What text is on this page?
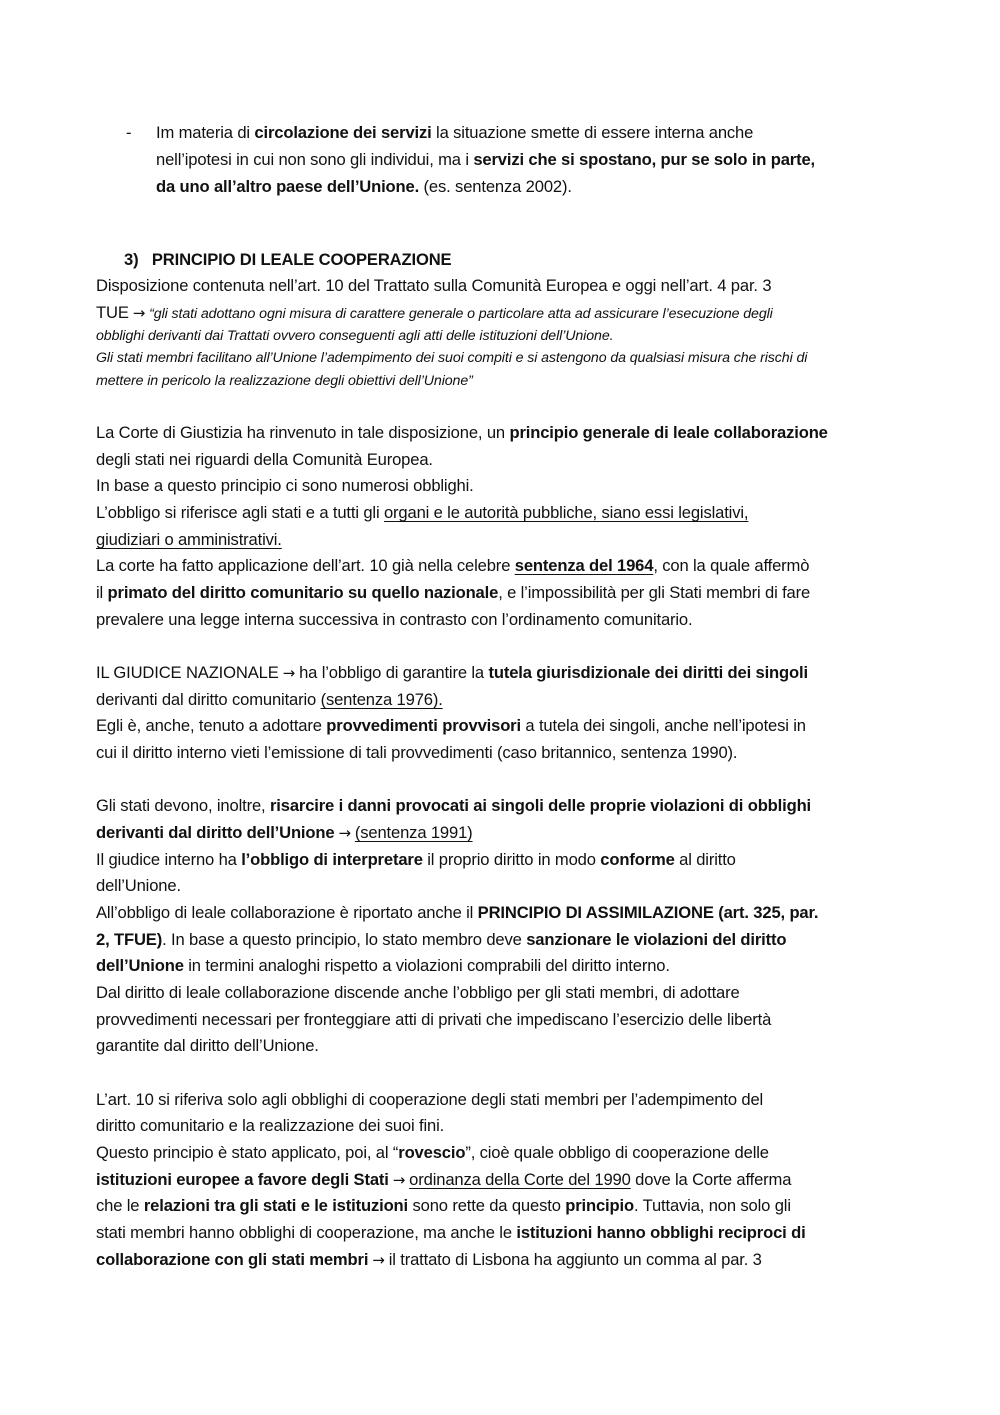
- Im materia di circolazione dei servizi la situazione smette di essere interna anche
nell’ipotesi in cui non sono gli individui, ma i servizi che si spostano, pur se solo in parte,
da uno all’altro paese dell’Unione. (es. sentenza 2002).
3) PRINCIPIO DI LEALE COOPERAZIONE
Disposizione contenuta nell’art. 10 del Trattato sulla Comunità Europea e oggi nell’art. 4 par. 3
TUE → “gli stati adottano ogni misura di carattere generale o particolare atta ad assicurare l’esecuzione degli
obblighi derivanti dai Trattati ovvero conseguenti agli atti delle istituzioni dell’Unione.
Gli stati membri facilitano all’Unione l’adempimento dei suoi compiti e si astengono da qualsiasi misura che rischi di
mettere in pericolo la realizzazione degli obiettivi dell’Unione”
La Corte di Giustizia ha rinvenuto in tale disposizione, un principio generale di leale collaborazione
degli stati nei riguardi della Comunità Europea.
In base a questo principio ci sono numerosi obblighi.
L’obbligo si riferisce agli stati e a tutti gli organi e le autorità pubbliche, siano essi legislativi,
giudiziari o amministrativi.
La corte ha fatto applicazione dell’art. 10 già nella celebre sentenza del 1964, con la quale affermò
il primato del diritto comunitario su quello nazionale, e l’impossibilità per gli Stati membri di fare
prevalere una legge interna successiva in contrasto con l’ordinamento comunitario.
IL GIUDICE NAZIONALE → ha l’obbligo di garantire la tutela giurisdizionale dei diritti dei singoli
derivanti dal diritto comunitario (sentenza 1976).
Egli è, anche, tenuto a adottare provvedimenti provvisori a tutela dei singoli, anche nell’ipotesi in
cui il diritto interno vieti l’emissione di tali provvedimenti (caso britannico, sentenza 1990).
Gli stati devono, inoltre, risarcire i danni provocati ai singoli delle proprie violazioni di obblighi
derivanti dal diritto dell’Unione → (sentenza 1991)
Il giudice interno ha l’obbligo di interpretare il proprio diritto in modo conforme al diritto
dell’Unione.
All’obbligo di leale collaborazione è riportato anche il PRINCIPIO DI ASSIMILAZIONE (art. 325, par.
2, TFUE). In base a questo principio, lo stato membro deve sanzionare le violazioni del diritto
dell’Unione in termini analoghi rispetto a violazioni comprabili del diritto interno.
Dal diritto di leale collaborazione discende anche l’obbligo per gli stati membri, di adottare
provvedimenti necessari per fronteggiare atti di privati che impediscano l’esercizio delle libertà
garantite dal diritto dell’Unione.
L’art. 10 si riferiva solo agli obblighi di cooperazione degli stati membri per l’adempimento del
diritto comunitario e la realizzazione dei suoi fini.
Questo principio è stato applicato, poi, al “rovescio”, cioè quale obbligo di cooperazione delle
istituzioni europee a favore degli Stati → ordinanza della Corte del 1990 dove la Corte afferma
che le relazioni tra gli stati e le istituzioni sono rette da questo principio. Tuttavia, non solo gli
stati membri hanno obblighi di cooperazione, ma anche le istituzioni hanno obblighi reciproci di
collaborazione con gli stati membri → il trattato di Lisbona ha aggiunto un comma al par. 3
